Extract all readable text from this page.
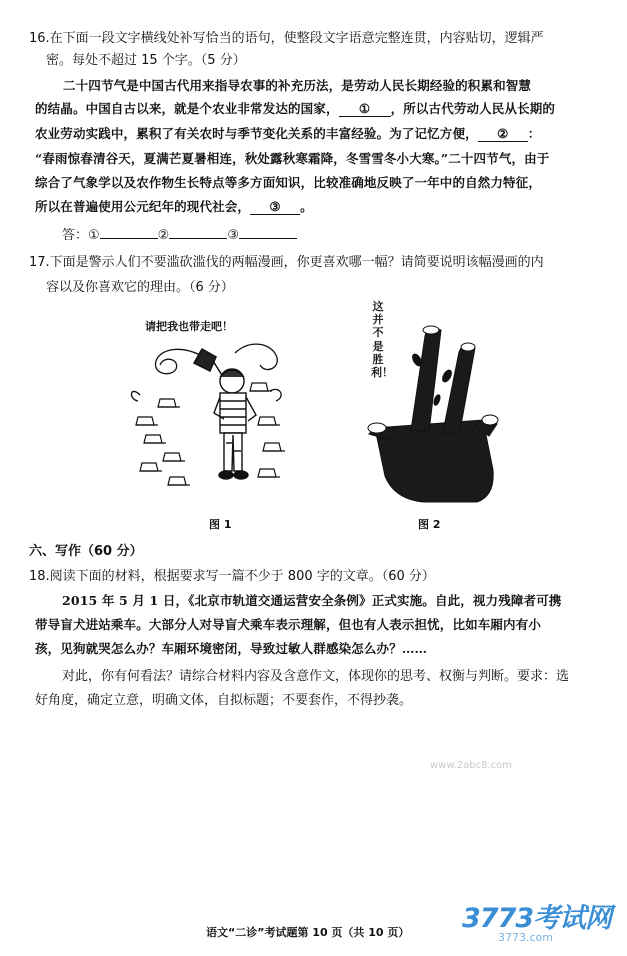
16.在下面一段文字横线处补写恰当的语句，使整段文字语意完整连贯，内容贴切，逻辑严
密。每处不超过 15 个字。（5 分）
二十四节气是中国古代用来指导农事的补充历法，是劳动人民长期经验的积累和智慧
的结晶。中国自古以来，就是个农业非常发达的国家， ① ，所以古代劳动人民从长期的
农业劳动实践中，累积了有关农时与季节变化关系的丰富经验。为了记忆方便， ② ：
“春雨惊春清谷天，夏满芒夏暑相连，秋处露秋寒霜降，冬雪雪冬小大寒。”二十四节气，由于
综合了气象学以及农作物生长特点等多方面知识，比较准确地反映了一年中的自然力特征，
所以在普遍使用公元纪年的现代社会， ③ 。
答：①	②	③
17.下面是警示人们不要滥砍滥伐的两幅漫画，你更喜欢哪一幅？请简要说明该幅漫画的内
容以及你喜欢它的理由。（6 分）
请把我也带走吧！
图 1
这并不是胜利！
图 2
六、写作（60 分）
18.阅读下面的材料，根据要求写一篇不少于 800 字的文章。（60 分）
2015 年 5 月 1 日，《北京市轨道交通运营安全条例》正式实施。自此，视力残障者可携
带导盲犬进站乘车。大部分人对导盲犬乘车表示理解，但也有人表示担忧，比如车厢内有小
孩，见狗就哭怎么办？车厢环境密闭，导致过敏人群感染怎么办？……
对此，你有何看法？请综合材料内容及含意作文，体现你的思考、权衡与判断。要求：选
好角度，确定立意，明确文体，自拟标题；不要套作，不得抄袭。
www.2abc8.com
语文“二诊”考试题第 10 页（共 10 页） 3773考试网
3773.com
